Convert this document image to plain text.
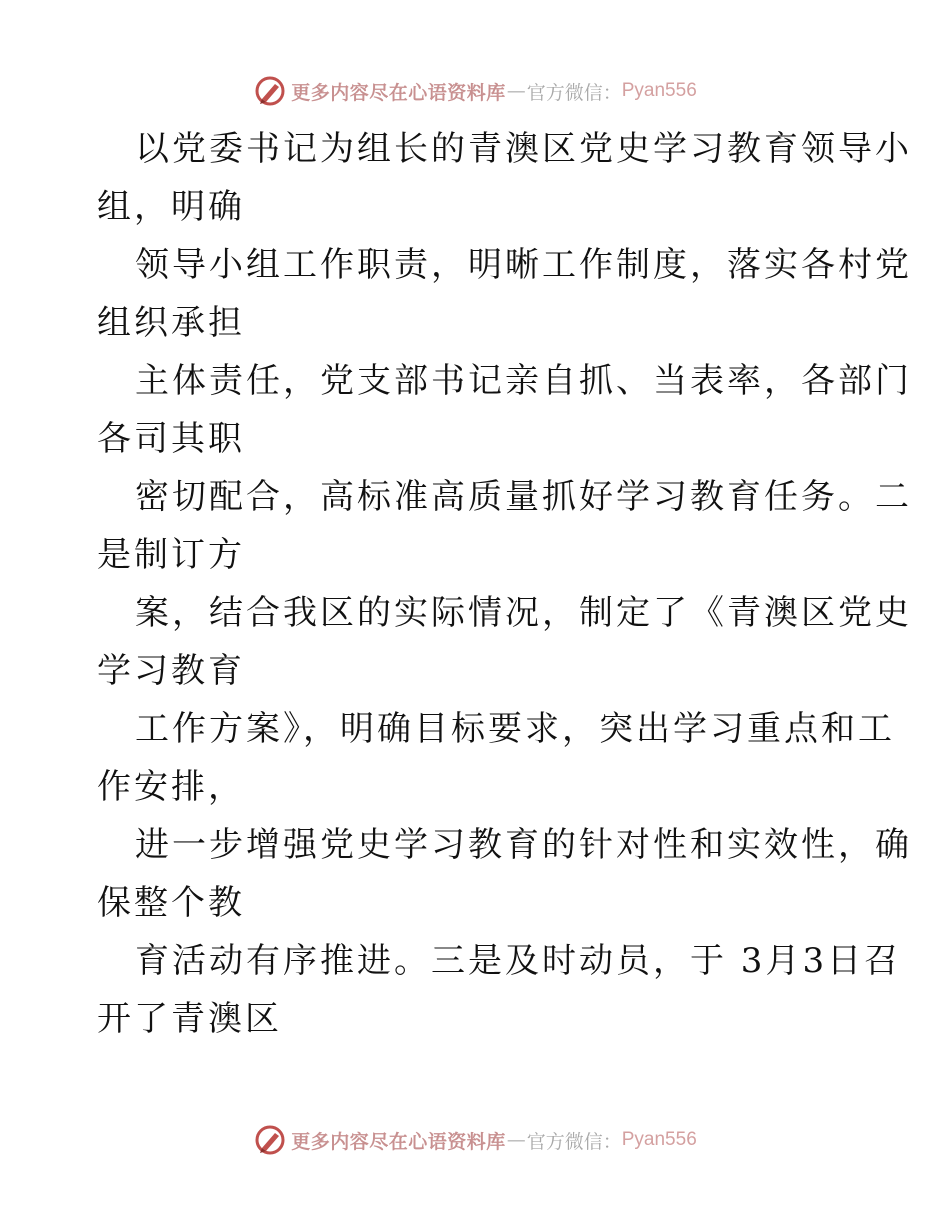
更多内容尽在心语资料库 — 官方微信： Pyan556
以党委书记为组长的青澳区党史学习教育领导小
组，明确
领导小组工作职责，明晰工作制度，落实各村党
组织承担
主体责任，党支部书记亲自抓、当表率，各部门
各司其职
密切配合，高标准高质量抓好学习教育任务。二
是制订方
案，结合我区的实际情况，制定了《青澳区党史
学习教育
工作方案》，明确目标要求，突出学习重点和工
作安排，
进一步增强党史学习教育的针对性和实效性，确
保整个教
育活动有序推进。三是及时动员，于 3月3日召
开了青澳区
更多内容尽在心语资料库 — 官方微信： Pyan556
